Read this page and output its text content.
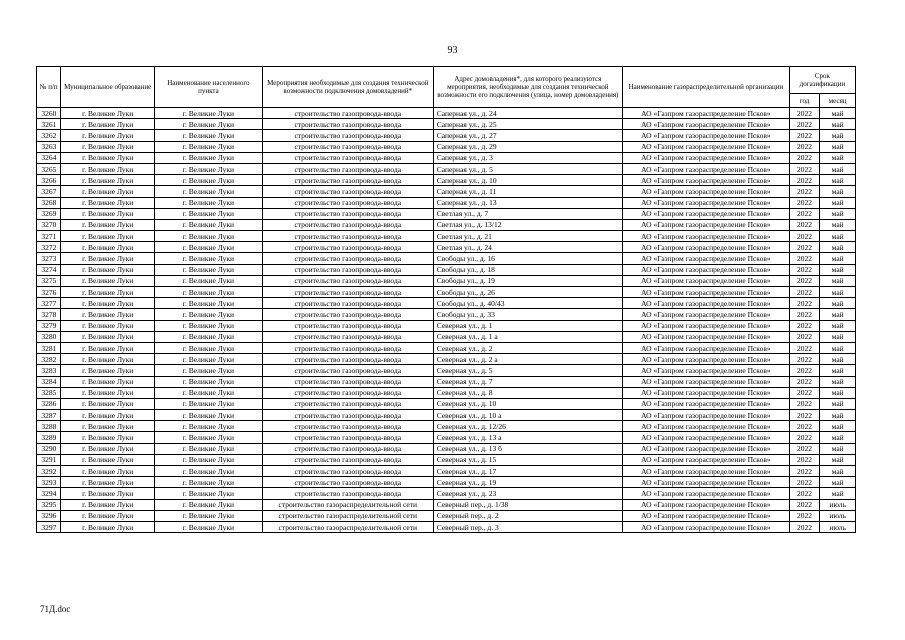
93
№ п/п	Муниципальное образование	Наименование населенного пункта	Мероприятия необходимые для создания технической возможности подключения домовладений*	Адрес домовладения*, для которого реализуются мероприятия, необходимые для создания технической возможности его подключения (улица, номер домовладения)	Наименование газораспределительной организации	Срок догазификации	
						год	месяц
3260	г. Великие Луки	г. Великие Луки	строительство газопровода-ввода	Саперная ул., д. 24	АО «Газпром газораспределение Псков»	2022	май
3261	г. Великие Луки	г. Великие Луки	строительство газопровода-ввода	Саперная ул., д. 25	АО «Газпром газораспределение Псков»	2022	май
3262	г. Великие Луки	г. Великие Луки	строительство газопровода-ввода	Саперная ул., д. 27	АО «Газпром газораспределение Псков»	2022	май
3263	г. Великие Луки	г. Великие Луки	строительство газопровода-ввода	Саперная ул., д. 29	АО «Газпром газораспределение Псков»	2022	май
3264	г. Великие Луки	г. Великие Луки	строительство газопровода-ввода	Саперная ул., д. 3	АО «Газпром газораспределение Псков»	2022	май
3265	г. Великие Луки	г. Великие Луки	строительство газопровода-ввода	Саперная ул., д. 5	АО «Газпром газораспределение Псков»	2022	май
3266	г. Великие Луки	г. Великие Луки	строительство газопровода-ввода	Саперная ул., д. 10	АО «Газпром газораспределение Псков»	2022	май
3267	г. Великие Луки	г. Великие Луки	строительство газопровода-ввода	Саперная ул., д. 11	АО «Газпром газораспределение Псков»	2022	май
3268	г. Великие Луки	г. Великие Луки	строительство газопровода-ввода	Саперная ул., д. 13	АО «Газпром газораспределение Псков»	2022	май
3269	г. Великие Луки	г. Великие Луки	строительство газопровода-ввода	Светлая ул., д. 7	АО «Газпром газораспределение Псков»	2022	май
3270	г. Великие Луки	г. Великие Луки	строительство газопровода-ввода	Светлая ул., д. 13/12	АО «Газпром газораспределение Псков»	2022	май
3271	г. Великие Луки	г. Великие Луки	строительство газопровода-ввода	Светлая ул., д. 21	АО «Газпром газораспределение Псков»	2022	май
3272	г. Великие Луки	г. Великие Луки	строительство газопровода-ввода	Светлая ул., д. 24	АО «Газпром газораспределение Псков»	2022	май
3273	г. Великие Луки	г. Великие Луки	строительство газопровода-ввода	Свободы ул., д. 16	АО «Газпром газораспределение Псков»	2022	май
3274	г. Великие Луки	г. Великие Луки	строительство газопровода-ввода	Свободы ул., д. 18	АО «Газпром газораспределение Псков»	2022	май
3275	г. Великие Луки	г. Великие Луки	строительство газопровода-ввода	Свободы ул., д. 19	АО «Газпром газораспределение Псков»	2022	май
3276	г. Великие Луки	г. Великие Луки	строительство газопровода-ввода	Свободы ул., д. 26	АО «Газпром газораспределение Псков»	2022	май
3277	г. Великие Луки	г. Великие Луки	строительство газопровода-ввода	Свободы ул., д. 40/43	АО «Газпром газораспределение Псков»	2022	май
3278	г. Великие Луки	г. Великие Луки	строительство газопровода-ввода	Свободы ул., д. 33	АО «Газпром газораспределение Псков»	2022	май
3279	г. Великие Луки	г. Великие Луки	строительство газопровода-ввода	Северная ул., д. 1	АО «Газпром газораспределение Псков»	2022	май
3280	г. Великие Луки	г. Великие Луки	строительство газопровода-ввода	Северная ул., д. 1 а	АО «Газпром газораспределение Псков»	2022	май
3281	г. Великие Луки	г. Великие Луки	строительство газопровода-ввода	Северная ул., д. 2	АО «Газпром газораспределение Псков»	2022	май
3282	г. Великие Луки	г. Великие Луки	строительство газопровода-ввода	Северная ул., д. 2 а	АО «Газпром газораспределение Псков»	2022	май
3283	г. Великие Луки	г. Великие Луки	строительство газопровода-ввода	Северная ул., д. 5	АО «Газпром газораспределение Псков»	2022	май
3284	г. Великие Луки	г. Великие Луки	строительство газопровода-ввода	Северная ул., д. 7	АО «Газпром газораспределение Псков»	2022	май
3285	г. Великие Луки	г. Великие Луки	строительство газопровода-ввода	Северная ул., д. 8	АО «Газпром газораспределение Псков»	2022	май
3286	г. Великие Луки	г. Великие Луки	строительство газопровода-ввода	Северная ул., д. 10	АО «Газпром газораспределение Псков»	2022	май
3287	г. Великие Луки	г. Великие Луки	строительство газопровода-ввода	Северная ул., д. 10 а	АО «Газпром газораспределение Псков»	2022	май
3288	г. Великие Луки	г. Великие Луки	строительство газопровода-ввода	Северная ул., д. 12/26	АО «Газпром газораспределение Псков»	2022	май
3289	г. Великие Луки	г. Великие Луки	строительство газопровода-ввода	Северная ул., д. 13 а	АО «Газпром газораспределение Псков»	2022	май
3290	г. Великие Луки	г. Великие Луки	строительство газопровода-ввода	Северная ул., д. 13 б	АО «Газпром газораспределение Псков»	2022	май
3291	г. Великие Луки	г. Великие Луки	строительство газопровода-ввода	Северная ул., д. 15	АО «Газпром газораспределение Псков»	2022	май
3292	г. Великие Луки	г. Великие Луки	строительство газопровода-ввода	Северная ул., д. 17	АО «Газпром газораспределение Псков»	2022	май
3293	г. Великие Луки	г. Великие Луки	строительство газопровода-ввода	Северная ул., д. 19	АО «Газпром газораспределение Псков»	2022	май
3294	г. Великие Луки	г. Великие Луки	строительство газопровода-ввода	Северная ул., д. 23	АО «Газпром газораспределение Псков»	2022	май
3295	г. Великие Луки	г. Великие Луки	строительство газораспределительной сети	Северный пер., д. 1/38	АО «Газпром газораспределение Псков»	2022	июль
3296	г. Великие Луки	г. Великие Луки	строительство газораспределительной сети	Северный пер., д. 2	АО «Газпром газораспределение Псков»	2022	июль
3297	г. Великие Луки	г. Великие Луки	строительство газораспределительной сети	Северный пер., д. 3	АО «Газпром газораспределение Псков»	2022	июль
71Д.doc
